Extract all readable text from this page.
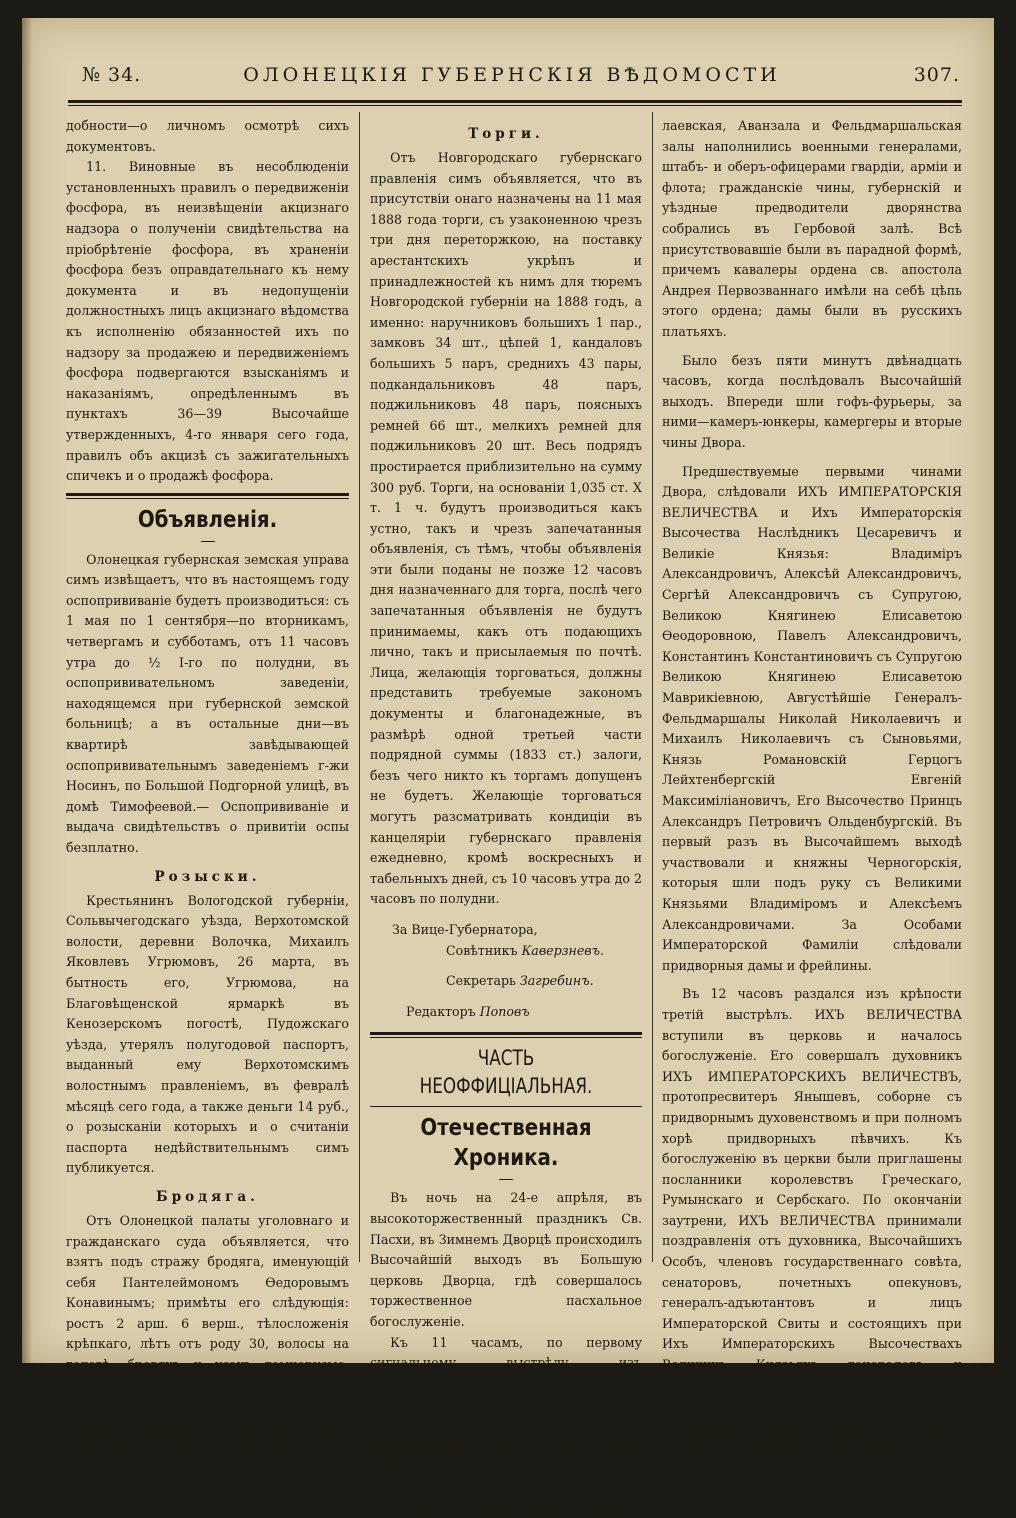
№ 34.	ОЛОНЕЦКІЯ ГУБЕРНСКІЯ ВѢДОМОСТИ	307.

добности—о личномъ осмотрѣ сихъ документовъ.

11. Виновные въ несоблюденіи установленныхъ правилъ о передвиженіи фосфора, въ неизвѣщеніи акцизнаго надзора о полученіи свидѣтельства на пріобрѣтеніе фосфора, въ храненіи фосфора безъ оправдательнаго къ нему документа и въ недопущеніи должностныхъ лицъ акцизнаго вѣдомства къ исполненію обязанностей ихъ по надзору за продажею и передвиженіемъ фосфора подвергаются взысканіямъ и наказаніямъ, опредѣленнымъ въ пунктахъ 36—39 Высочайше утвержденныхъ, 4-го января сего года, правилъ объ акцизѣ съ зажигательныхъ спичекъ и о продажѣ фосфора.

Объявленія.

Олонецкая губернская земская управа симъ извѣщаетъ, что въ настоящемъ году оспопрививаніе будетъ производиться: съ 1 мая по 1 сентября—по вторникамъ, четвергамъ и субботамъ, отъ 11 часовъ утра до ½ I-го по полудни, въ оспопрививательномъ заведеніи, находящемся при губернской земской больницѣ; а въ остальные дни—въ квартирѣ завѣдывающей оспопрививательнымъ заведеніемъ г-жи Носинъ, по Большой Подгорной улицѣ, въ домѣ Тимофеевой.— Оспопрививаніе и выдача свидѣтельствъ о привитіи оспы безплатно.

Розыски.

Крестьянинъ Вологодской губерніи, Сольвычегодскаго уѣзда, Верхотомской волости, деревни Волочка, Михаилъ Яковлевъ Угрюмовъ, 26 марта, въ бытность его, Угрюмова, на Благовѣщенской ярмаркѣ въ Кенозерскомъ погостѣ, Пудожскаго уѣзда, утерялъ полугодовой паспортъ, выданный ему Верхотомскимъ волостнымъ правленіемъ, въ февралѣ мѣсяцѣ сего года, а также деньги 14 руб., о розысканіи которыхъ и о считаніи паспорта недѣйствительнымъ симъ публикуется.

Бродяга.

Отъ Олонецкой палаты уголовнаго и гражданскаго суда объявляется, что взятъ подъ стражу бродяга, именующій себя Пантелеймономъ Ѳедоровымъ Конавинымъ; примѣты его слѣдующія: ростъ 2 арш. 6 верш., тѣлосложенія крѣпкаго, лѣтъ отъ роду 30, волосы на головѣ, бровяхъ и усахъ темнорусые, борода бритая, глаза коричневые, лицо круглое рябоватое. Всякій, кто знаетъ бродягу Конавина, обязанъ дать знать Олонецкой палатѣ уголовнаго и гражданскаго суда.

Торги.

Отъ Новгородскаго губернскаго правленія симъ объявляется, что въ присутствіи онаго назначены на 11 мая 1888 года торги, съ узаконенною чрезъ три дня переторжкою, на поставку арестантскихъ укрѣпъ и принадлежностей къ нимъ для тюремъ Новгородской губерніи на 1888 годъ, а именно: наручниковъ большихъ 1 пар., замковъ 34 шт., цѣпей 1, кандаловъ большихъ 5 паръ, среднихъ 43 пары, подкандальниковъ 48 паръ, поджильниковъ 48 паръ, поясныхъ ремней 66 шт., мелкихъ ремней для поджильниковъ 20 шт. Весь подрядъ простирается приблизительно на сумму 300 руб. Торги, на основаніи 1,035 ст. X т. 1 ч. будутъ производиться какъ устно, такъ и чрезъ запечатанныя объявленія, съ тѣмъ, чтобы объявленія эти были поданы не позже 12 часовъ дня назначеннаго для торга, послѣ чего запечатанныя объявленія не будутъ принимаемы, какъ отъ подающихъ лично, такъ и присылаемыя по почтѣ. Лица, желающія торговаться, должны представить требуемые закономъ документы и благонадежные, въ размѣрѣ одной третьей части подрядной суммы (1833 ст.) залоги, безъ чего никто къ торгамъ допущенъ не будетъ. Желающіе торговаться могутъ разсматривать кондиціи въ канцеляріи губернскаго правленія ежедневно, кромѣ воскресныхъ и табельныхъ дней, съ 10 часовъ утра до 2 часовъ по полудни.

За Вице-Губернатора,
Совѣтникъ Каверзневъ.
Секретарь Загребинъ.
Редакторъ Поповъ
ЧАСТЬ НЕОФФИЦІАЛЬНАЯ.
Отечественная Хроника.

Въ ночь на 24-е апрѣля, въ высокоторжественный праздникъ Св. Пасхи, въ Зимнемъ Дворцѣ происходилъ Высочайшій выходъ въ Большую церковь Дворца, гдѣ совершалось торжественное пасхальное богослуженіе.

Къ 11 часамъ, по первому сигнальному выстрѣлу изъ Петропавловской крѣпости, залы Зимняго Дворца начали наполняться придворными, военными и гражданскими чинами. Въ церкви собрались члены государственнаго совѣта, министры, въ Концертной залѣ—сенаторы, почетные опекуны; Нико-

лаевская, Аванзала и Фельдмаршальская залы наполнились военными генералами, штабъ- и оберъ-офицерами гвардіи, арміи и флота; гражданскіе чины, губернскій и уѣздные предводители дворянства собрались въ Гербовой залѣ. Всѣ присутствовавшіе были въ парадной формѣ, причемъ кавалеры ордена св. апостола Андрея Первозваннаго имѣли на себѣ цѣпь этого ордена; дамы были въ русскихъ платьяхъ.

Было безъ пяти минутъ двѣнадцать часовъ, когда послѣдовалъ Высочайшій выходъ. Впереди шли гофъ-фурьеры, за ними—камеръ-юнкеры, камергеры и вторые чины Двора.

Предшествуемые первыми чинами Двора, слѣдовали ИХЪ ИМПЕРАТОРСКІЯ ВЕЛИЧЕСТВА и Ихъ Императорскія Высочества Наслѣдникъ Цесаревичъ и Великіе Князья: Владиміръ Александровичъ, Алексѣй Александровичъ, Сергѣй Александровичъ съ Супругою, Великою Княгинею Елисаветою Ѳеодоровною, Павелъ Александровичъ, Константинъ Константиновичъ съ Супругою Великою Княгинею Елисаветою Маврикіевною, Августѣйшіе Генералъ-Фельдмаршалы Николай Николаевичъ и Михаилъ Николаевичъ съ Сыновьями, Князь Романовскій Герцогъ Лейхтенбергскій Евгеній Максиміліановичъ, Его Высочество Принцъ Александръ Петровичъ Ольденбургскій. Въ первый разъ въ Высочайшемъ выходѣ участвовали и княжны Черногорскія, которыя шли подъ руку съ Великими Князьями Владиміромъ и Алексѣемъ Александровичами. За Особами Императорской Фамиліи слѣдовали придворныя дамы и фрейлины.

Въ 12 часовъ раздался изъ крѣпости третій выстрѣлъ. ИХЪ ВЕЛИЧЕСТВА вступили въ церковь и началось богослуженіе. Его совершалъ духовникъ ИХЪ ИМПЕРАТОРСКИХЪ ВЕЛИЧЕСТВЪ, протопресвитеръ Янышевъ, соборне съ придворнымъ духовенствомъ и при полномъ хорѣ придворныхъ пѣвчихъ. Къ богослуженію въ церкви были приглашены посланники королевствъ Греческаго, Румынскаго и Сербскаго. По окончаніи заутрени, ИХЪ ВЕЛИЧЕСТВА принимали поздравленія отъ духовника, Высочайшихъ Особъ, членовъ государственнаго совѣта, сенаторовъ, почетныхъ опекуновъ, генералъ-адъютантовъ и лицъ Императорской Свиты и состоящихъ при Ихъ Императорскихъ Высочествахъ Великихъ Князьяхъ генераловъ и адъютантовъ, генераловъ войскъ гвардіи, членовъ военнаго и адмиралтействъ-совѣта и главныхъ судовъ военнаго и морскаго, первыхъ и вторыхъ чиновъ Двора, статсъ-секретарей и караула отъ роты дворцовыхъ гренадеръ.
